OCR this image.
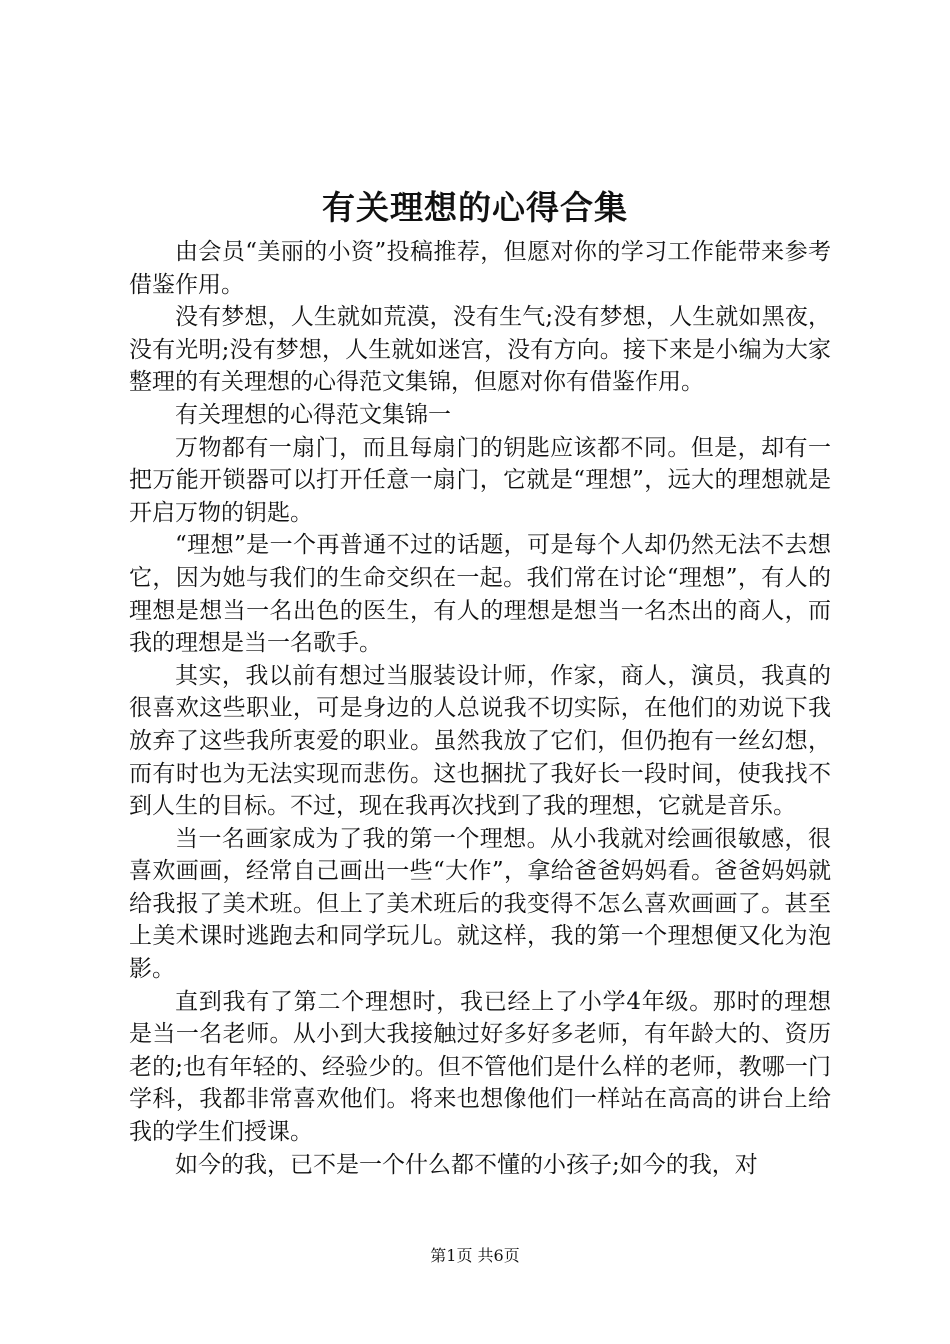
有关理想的心得合集

由会员“美丽的小资”投稿推荐，但愿对你的学习工作能带来参考借鉴作用。

没有梦想，人生就如荒漠，没有生气;没有梦想，人生就如黑夜，没有光明;没有梦想，人生就如迷宫，没有方向。接下来是小编为大家整理的有关理想的心得范文集锦，但愿对你有借鉴作用。

有关理想的心得范文集锦一

万物都有一扇门，而且每扇门的钥匙应该都不同。但是，却有一把万能开锁器可以打开任意一扇门，它就是“理想”，远大的理想就是开启万物的钥匙。

“理想”是一个再普通不过的话题，可是每个人却仍然无法不去想它，因为她与我们的生命交织在一起。我们常在讨论“理想”，有人的理想是想当一名出色的医生，有人的理想是想当一名杰出的商人，而我的理想是当一名歌手。

其实，我以前有想过当服装设计师，作家，商人，演员，我真的很喜欢这些职业，可是身边的人总说我不切实际，在他们的劝说下我放弃了这些我所衷爱的职业。虽然我放了它们，但仍抱有一丝幻想，而有时也为无法实现而悲伤。这也捆扰了我好长一段时间，使我找不到人生的目标。不过，现在我再次找到了我的理想，它就是音乐。

当一名画家成为了我的第一个理想。从小我就对绘画很敏感，很喜欢画画，经常自己画出一些“大作”，拿给爸爸妈妈看。爸爸妈妈就给我报了美术班。但上了美术班后的我变得不怎么喜欢画画了。甚至上美术课时逃跑去和同学玩儿。就这样，我的第一个理想便又化为泡影。

直到我有了第二个理想时，我已经上了小学4年级。那时的理想是当一名老师。从小到大我接触过好多好多老师，有年龄大的、资历老的;也有年轻的、经验少的。但不管他们是什么样的老师，教哪一门学科，我都非常喜欢他们。将来也想像他们一样站在高高的讲台上给我的学生们授课。

如今的我，已不是一个什么都不懂的小孩子;如今的我，对

第1页 共6页
